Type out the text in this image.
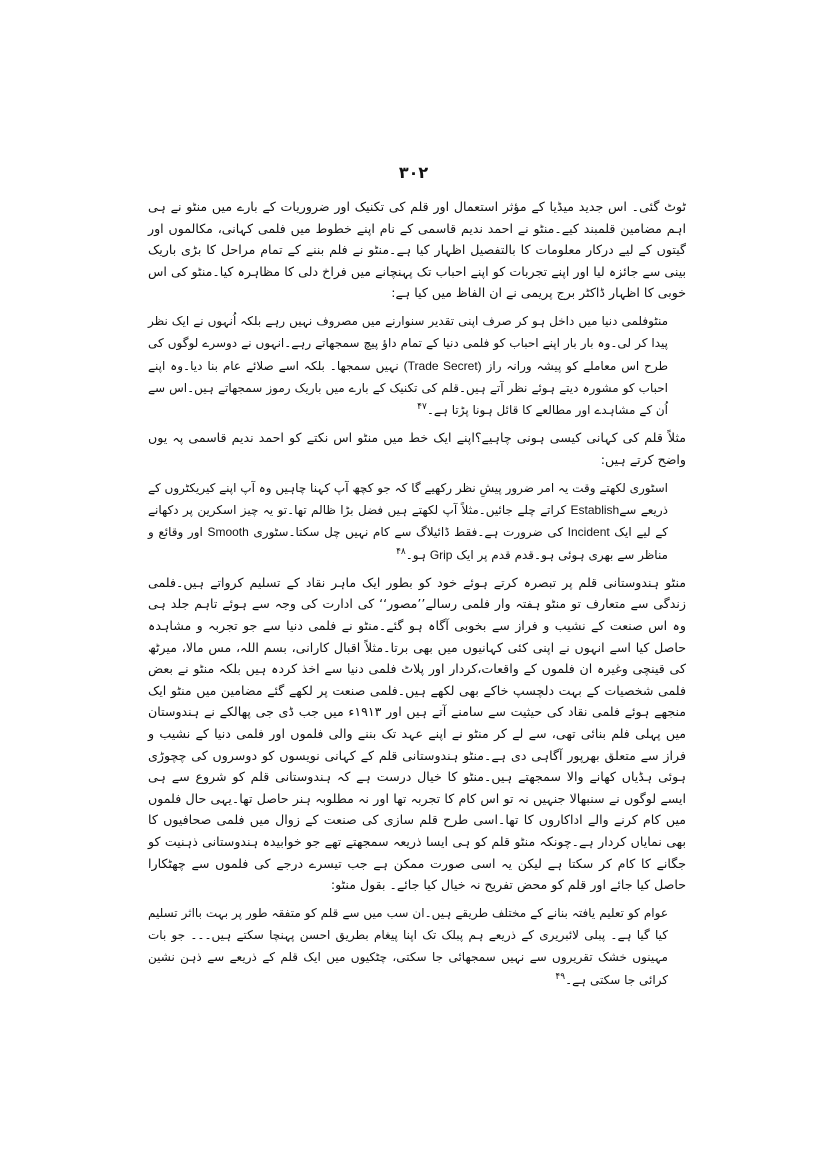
۳۰۲

ٹوٹ گئی۔ اس جدید میڈیا کے مؤثر استعمال اور قلم کی تکنیک اور ضروریات کے بارے میں منٹو نے ہی اہم مضامین قلمبند کیے۔منٹو نے احمد ندیم قاسمی کے نام اپنے خطوط میں فلمی کہانی، مکالموں اور گیتوں کے لیے درکار معلومات کا بالتفصیل اظہار کیا ہے۔منٹو نے فلم بننے کے تمام مراحل کا بڑی باریک بینی سے جائزہ لیا اور اپنے تجربات کو اپنے احباب تک پہنچانے میں فراخ دلی کا مظاہرہ کیا۔منٹو کی اس خوبی کا اظہار ڈاکٹر برج پریمی نے ان الفاظ میں کیا ہے:

منٹوفلمی دنیا میں داخل ہو کر صرف اپنی تقدیر سنوارنے میں مصروف نہیں رہے بلکہ اُنہوں نے ایک نظر پیدا کر لی۔وہ بار بار اپنے احباب کو فلمی دنیا کے تمام داؤ پیچ سمجھاتے رہے۔انہوں نے دوسرے لوگوں کی طرح اس معاملے کو پیشہ ورانہ راز (Trade Secret) نہیں سمجھا۔ بلکہ اسے صلائے عام بنا دیا۔وہ اپنے احباب کو مشورہ دیتے ہوئے نظر آتے ہیں۔قلم کی تکنیک کے بارے میں باریک رموز سمجھاتے ہیں۔اس سے اُن کے مشاہدے اور مطالعے کا قائل ہونا پڑتا ہے۔$^{۴۷}$

مثلاً قلم کی کہانی کیسی ہونی چاہیے؟اپنے ایک خط میں منٹو اس نکتے کو احمد ندیم قاسمی پہ یوں واضح کرتے ہیں:

اسٹوری لکھتے وقت یہ امر ضرور پیشِ نظر رکھیے گا کہ جو کچھ آپ کہنا چاہیں وہ آپ اپنے کیریکٹروں کے ذریعے سےEstablish کراتے چلے جائیں۔مثلاً آپ لکھتے ہیں فضل بڑا ظالم تھا۔تو یہ چیز اسکرین پر دکھانے کے لیے ایک Incident کی ضرورت ہے۔فقط ڈائیلاگ سے کام نہیں چل سکتا۔سٹوری Smooth اور وقائع و مناظر سے بھری ہوئی ہو۔قدم قدم پر ایک Grip ہو۔$^{۴۸}$

منٹو ہندوستانی قلم پر تبصرہ کرتے ہوئے خود کو بطور ایک ماہر نقاد کے تسلیم کرواتے ہیں۔فلمی زندگی سے متعارف تو منٹو ہفتہ وار فلمی رسالے’’مصور‘‘ کی ادارت کی وجہ سے ہوئے تاہم جلد ہی وہ اس صنعت کے نشیب و فراز سے بخوبی آگاہ ہو گئے۔منٹو نے فلمی دنیا سے جو تجربہ و مشاہدہ حاصل کیا اسے انہوں نے اپنی کئی کہانیوں میں بھی برتا۔مثلاً اقبال کارانی، بسم اللہ، مس مالا، میرٹھ کی قینچی وغیرہ ان فلموں کے واقعات،کردار اور پلاٹ فلمی دنیا سے اخذ کردہ ہیں بلکہ منٹو نے بعض فلمی شخصیات کے بہت دلچسپ خاکے بھی لکھے ہیں۔فلمی صنعت پر لکھے گئے مضامین میں منٹو ایک منجھے ہوئے فلمی نقاد کی حیثیت سے سامنے آتے ہیں اور ۱۹۱۳ء میں جب ڈی جی پھالکے نے ہندوستان میں پہلی فلم بنائی تھی، سے لے کر منٹو نے اپنے عہد تک بننے والی فلموں اور فلمی دنیا کے نشیب و فراز سے متعلق بھرپور آگاہی دی ہے۔منٹو ہندوستانی قلم کے کہانی نویسوں کو دوسروں کی چچوڑی ہوئی ہڈیاں کھانے والا سمجھتے ہیں۔منٹو کا خیال درست ہے کہ ہندوستانی قلم کو شروع سے ہی ایسے لوگوں نے سنبھالا جنہیں نہ تو اس کام کا تجربہ تھا اور نہ مطلوبہ ہنر حاصل تھا۔یہی حال فلموں میں کام کرنے والے اداکاروں کا تھا۔اسی طرح قلم سازی کی صنعت کے زوال میں فلمی صحافیوں کا بھی نمایاں کردار ہے۔چونکہ منٹو قلم کو ہی ایسا ذریعہ سمجھتے تھے جو خوابیدہ ہندوستانی ذہنیت کو جگانے کا کام کر سکتا ہے لیکن یہ اسی صورت ممکن ہے جب تیسرے درجے کی فلموں سے چھٹکارا حاصل کیا جائے اور قلم کو محض تفریح نہ خیال کیا جائے۔ بقول منٹو:

عوام کو تعلیم یافتہ بنانے کے مختلف طریقے ہیں۔ان سب میں سے قلم کو متفقہ طور پر بہت بااثر تسلیم کیا گیا ہے۔ پبلی لائبریری کے ذریعے ہم پبلک تک اپنا پیغام بطریق احسن پہنچا سکتے ہیں۔۔۔ جو بات مہینوں خشک تقریروں سے نہیں سمجھائی جا سکتی، چٹکیوں میں ایک قلم کے ذریعے سے ذہن نشین کرائی جا سکتی ہے۔$^{۴۹}$
